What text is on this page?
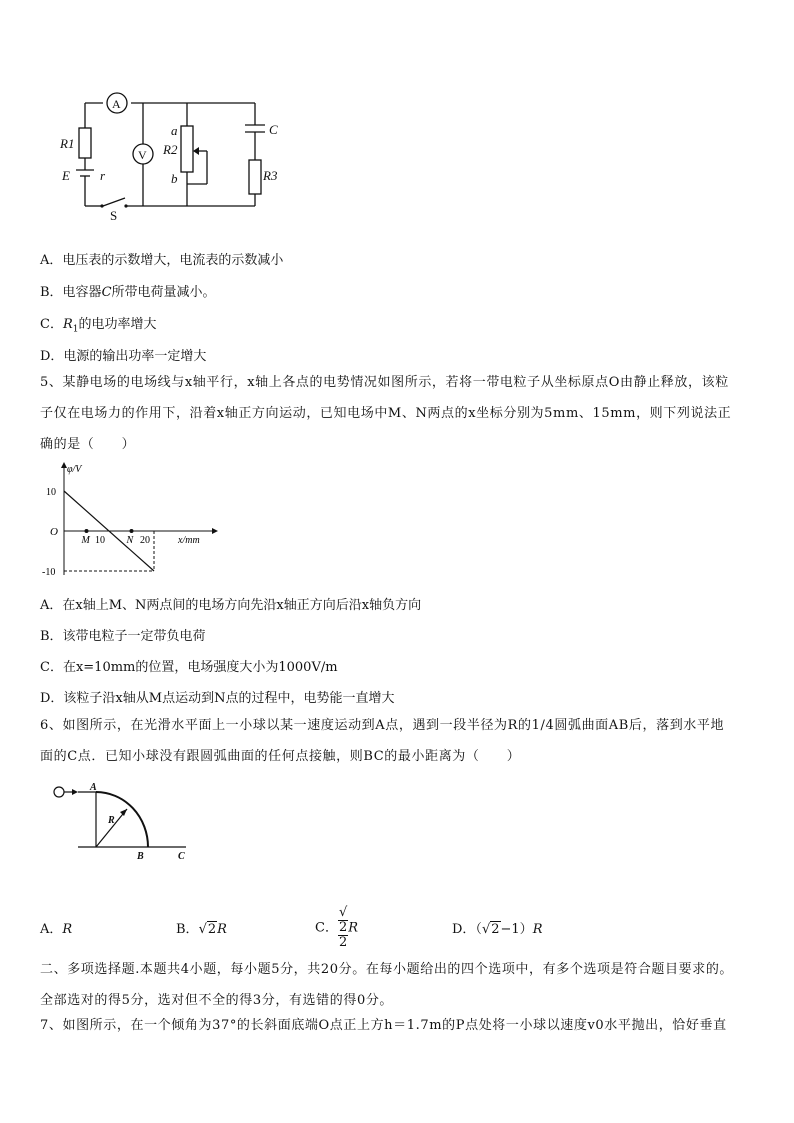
A
V
R1	R2
R3
a
b
C
E r
S
A．电压表的示数增大，电流表的示数减小
B．电容器C所带电荷量减小。
C．$R_1$的电功率增大
D．电源的输出功率一定增大
5、某静电场的电场线与x轴平行，x轴上各点的电势情况如图所示，若将一带电粒子从坐标原点O由静止释放，该粒
子仅在电场力的作用下，沿着x轴正方向运动，已知电场中M、N两点的x坐标分别为5mm、15mm，则下列说法正
确的是（　　）
φ/V
x/mm
O
10
-10
10	20
M	N
A．在x轴上M、N两点间的电场方向先沿x轴正方向后沿x轴负方向
B．该带电粒子一定带负电荷
C．在x=10mm的位置，电场强度大小为1000V/m
D．该粒子沿x轴从M点运动到N点的过程中，电势能一直增大
6、如图所示，在光滑水平面上一小球以某一速度运动到A点，遇到一段半径为R的1/4圆弧曲面AB后，落到水平地
面的C点．已知小球没有跟圆弧曲面的任何点接触，则BC的最小距离为（　　）
A
R
B	C
A．R	B．√2R	C． √
2
2 R	D．（√2−1）R
二、多项选择题.本题共4小题，每小题5分，共20分。在每小题给出的四个选项中，有多个选项是符合题目要求的。
全部选对的得5分，选对但不全的得3分，有选错的得0分。
7、如图所示，在一个倾角为37°的长斜面底端O点正上方h＝1.7m的P点处将一小球以速度v0水平抛出，恰好垂直
